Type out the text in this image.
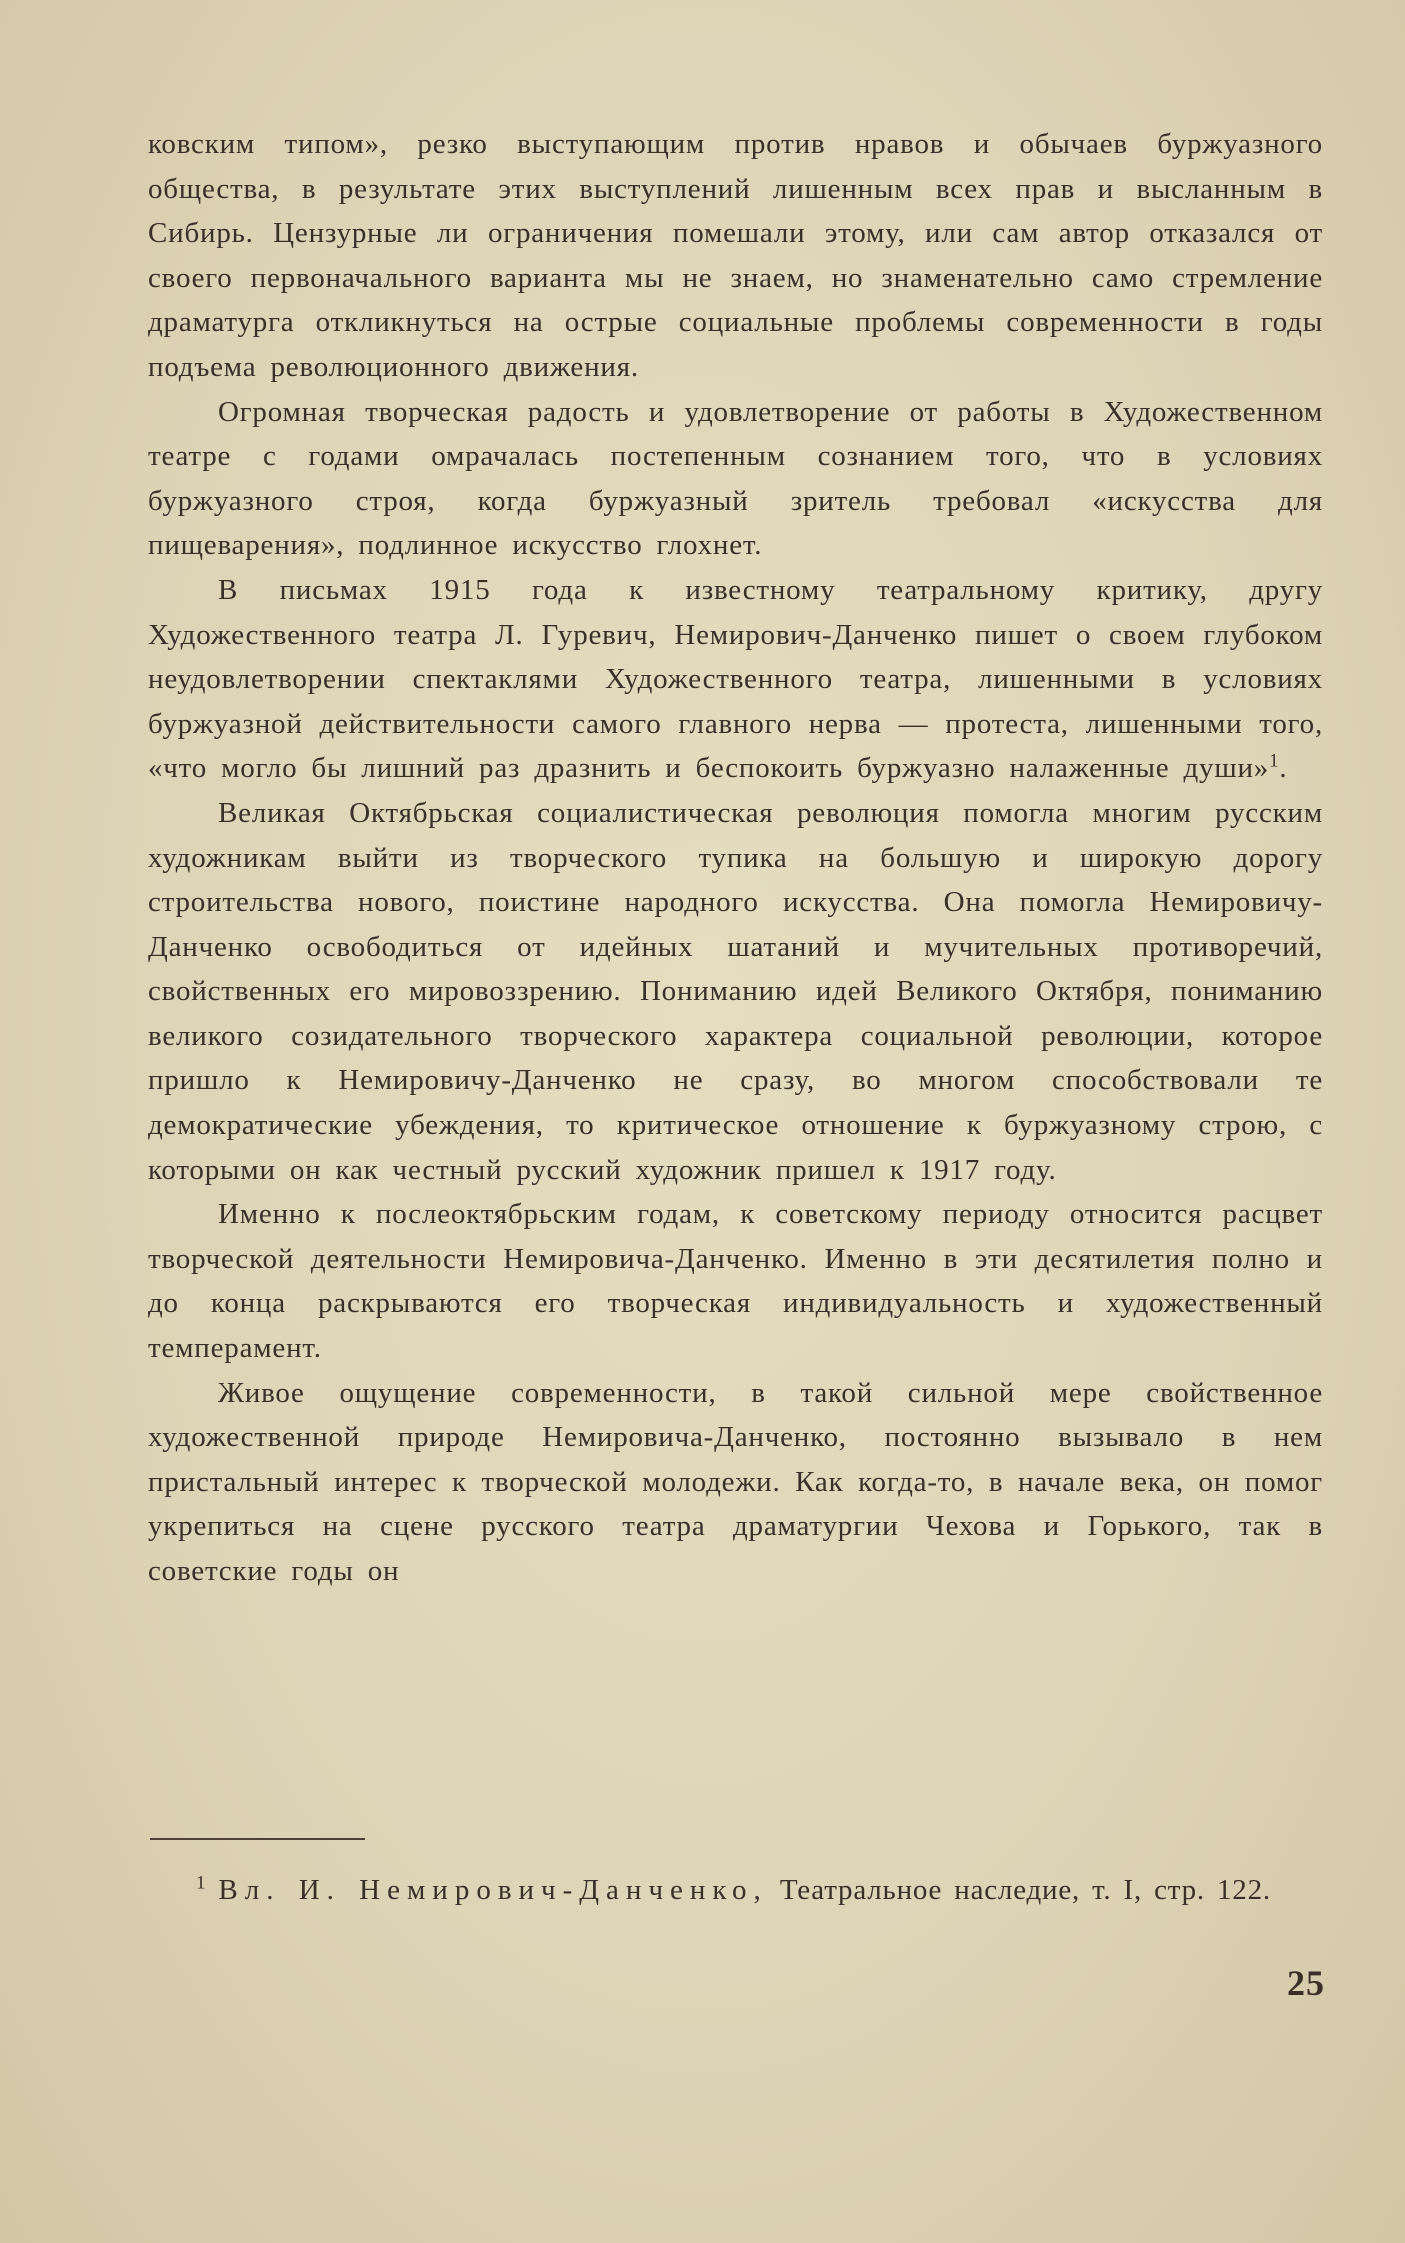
ковским типом», резко выступающим против нравов и обычаев буржуазного общества, в результате этих выступлений лишенным всех прав и высланным в Сибирь. Цензурные ли ограничения помешали этому, или сам автор отказался от своего первоначального варианта мы не знаем, но знаменательно само стремление драматурга откликнуться на острые социальные проблемы современности в годы подъема революционного движения.

Огромная творческая радость и удовлетворение от работы в Художественном театре с годами омрачалась постепенным сознанием того, что в условиях буржуазного строя, когда буржуазный зритель требовал «искусства для пищеварения», подлинное искусство глохнет.

В письмах 1915 года к известному театральному критику, другу Художественного театра Л. Гуревич, Немирович-Данченко пишет о своем глубоком неудовлетворении спектаклями Художественного театра, лишенными в условиях буржуазной действительности самого главного нерва — протеста, лишенными того, «что могло бы лишний раз дразнить и беспокоить буржуазно налаженные души»$^1$.

Великая Октябрьская социалистическая революция помогла многим русским художникам выйти из творческого тупика на большую и широкую дорогу строительства нового, поистине народного искусства. Она помогла Немировичу-Данченко освободиться от идейных шатаний и мучительных противоречий, свойственных его мировоззрению. Пониманию идей Великого Октября, пониманию великого созидательного творческого характера социальной революции, которое пришло к Немировичу-Данченко не сразу, во многом способствовали те демократические убеждения, то критическое отношение к буржуазному строю, с которыми он как честный русский художник пришел к 1917 году.

Именно к послеоктябрьским годам, к советскому периоду относится расцвет творческой деятельности Немировича-Данченко. Именно в эти десятилетия полно и до конца раскрываются его творческая индивидуальность и художественный темперамент.

Живое ощущение современности, в такой сильной мере свойственное художественной природе Немировича-Данченко, постоянно вызывало в нем пристальный интерес к творческой молодежи. Как когда-то, в начале века, он помог укрепиться на сцене русского театра драматургии Чехова и Горького, так в советские годы он

$^1$ Вл. И. Немирович-Данченко, Театральное наследие, т. I, стр. 122.

25
